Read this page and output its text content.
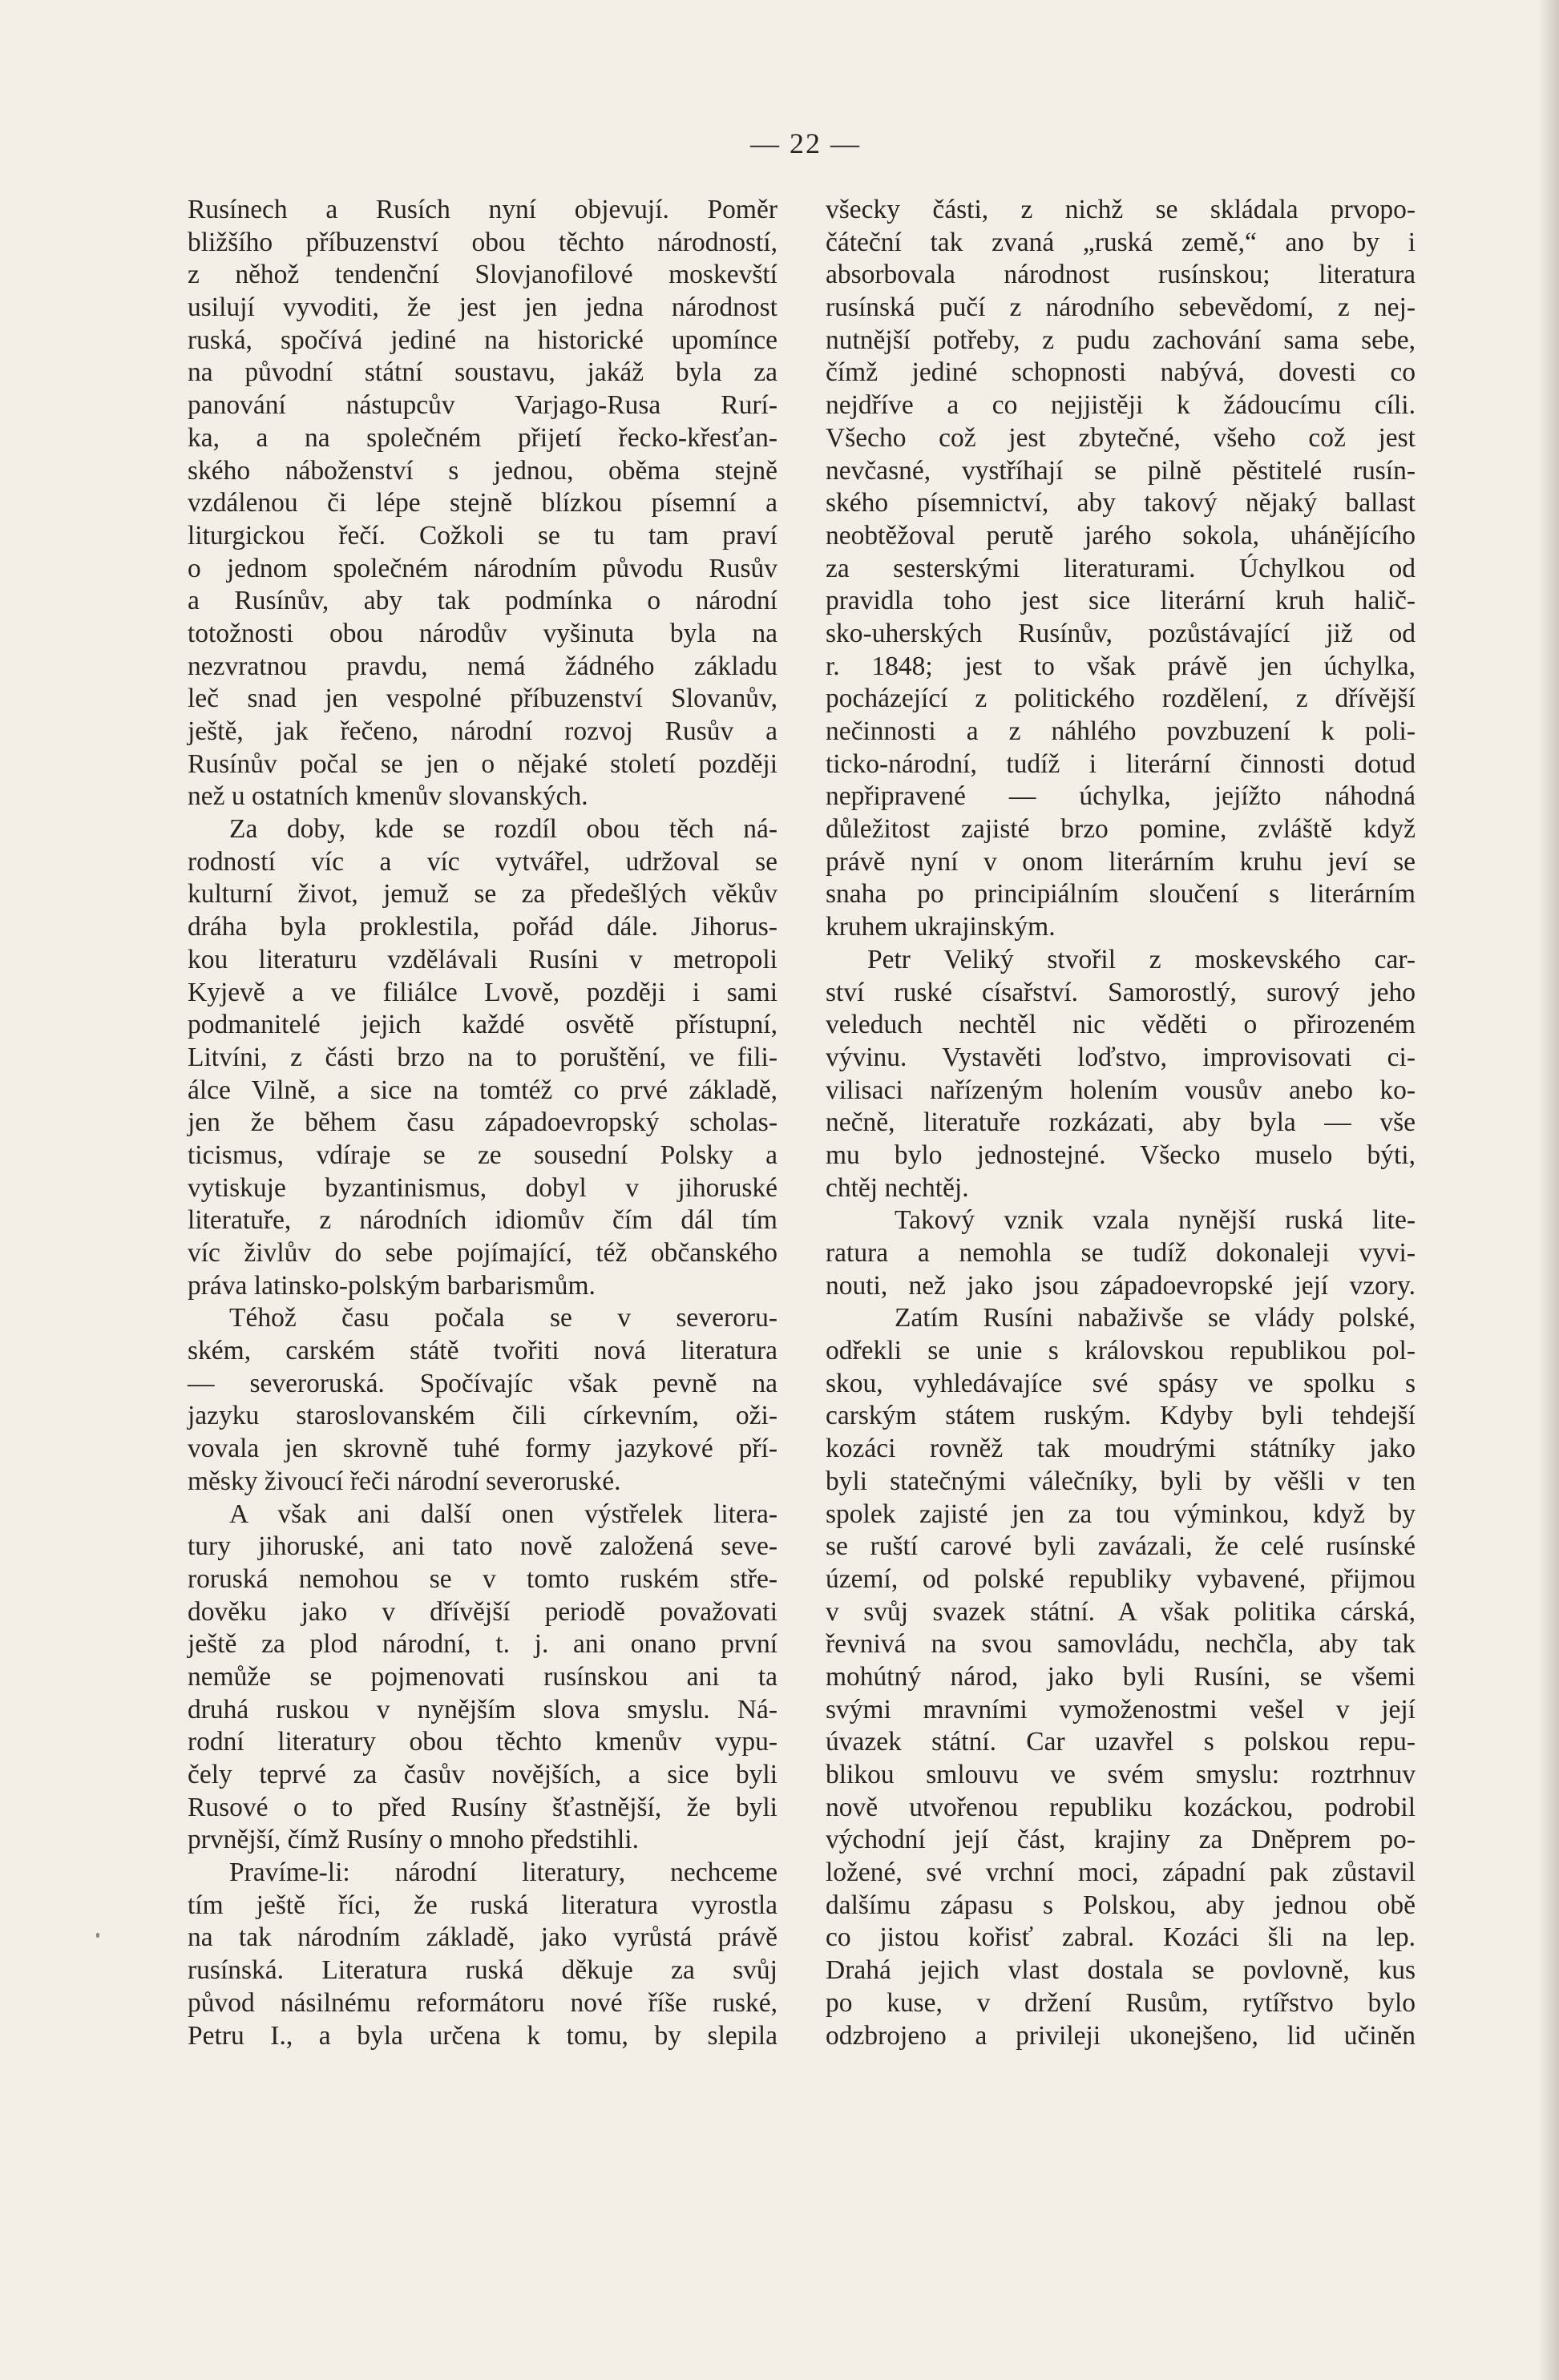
— 22 —
Rusínech a Rusích nyní objevují. Poměr
bližšího příbuzenství obou těchto národností,
z něhož tendenční Slovjanofilové moskevští
usilují vyvoditi, že jest jen jedna národnost
ruská, spočívá jediné na historické upomínce
na původní státní soustavu, jakáž byla za
panování nástupcův Varjago-Rusa Rurí-
ka, a na společném přijetí řecko-křesťan-
ského náboženství s jednou, oběma stejně
vzdálenou či lépe stejně blízkou písemní a
liturgickou řečí. Cožkoli se tu tam praví
o jednom společném národním původu Rusův
a Rusínův, aby tak podmínka o národní
totožnosti obou národův vyšinuta byla na
nezvratnou pravdu, nemá žádného základu
leč snad jen vespolné příbuzenství Slovanův,
ještě, jak řečeno, národní rozvoj Rusův a
Rusínův počal se jen o nějaké století později
než u ostatních kmenův slovanských.
Za doby, kde se rozdíl obou těch ná-
rodností víc a víc vytvářel, udržoval se
kulturní život, jemuž se za předešlých věkův
dráha byla proklestila, pořád dále. Jihorus-
kou literaturu vzdělávali Rusíni v metropoli
Kyjevě a ve filiálce Lvově, později i sami
podmanitelé jejich každé osvětě přístupní,
Litvíni, z části brzo na to poruštění, ve fili-
álce Vilně, a sice na tomtéž co prvé základě,
jen že během času západoevropský scholas-
ticismus, vdíraje se ze sousední Polsky a
vytiskuje byzantinismus, dobyl v jihoruské
literatuře, z národních idiomův čím dál tím
víc živlův do sebe pojímající, též občanského
práva latinsko-polským barbarismům.
Téhož času počala se v severoru-
ském, carském státě tvořiti nová literatura
— severoruská. Spočívajíc však pevně na
jazyku staroslovanském čili církevním, oži-
vovala jen skrovně tuhé formy jazykové pří-
měsky živoucí řeči národní severoruské.
A však ani další onen výstřelek litera-
tury jihoruské, ani tato nově založená seve-
roruská nemohou se v tomto ruském stře-
dověku jako v dřívější periodě považovati
ještě za plod národní, t. j. ani onano první
nemůže se pojmenovati rusínskou ani ta
druhá ruskou v nynějším slova smyslu. Ná-
rodní literatury obou těchto kmenův vypu-
čely teprvé za časův novějších, a sice byli
Rusové o to před Rusíny šťastnější, že byli
prvnější, čímž Rusíny o mnoho předstihli.
Pravíme-li: národní literatury, nechceme
tím ještě říci, že ruská literatura vyrostla
na tak národním základě, jako vyrůstá právě
rusínská. Literatura ruská děkuje za svůj
původ násilnému reformátoru nové říše ruské,
Petru I., a byla určena k tomu, by slepila
všecky části, z nichž se skládala prvopo-
čáteční tak zvaná „ruská země,“ ano by i
absorbovala národnost rusínskou; literatura
rusínská pučí z národního sebevědomí, z nej-
nutnější potřeby, z pudu zachování sama sebe,
čímž jediné schopnosti nabývá, dovesti co
nejdříve a co nejjistěji k žádoucímu cíli.
Všecho což jest zbytečné, všeho což jest
nevčasné, vystříhají se pilně pěstitelé rusín-
ského písemnictví, aby takový nějaký ballast
neobtěžoval perutě jarého sokola, uhánějícího
za sesterskými literaturami. Úchylkou od
pravidla toho jest sice literární kruh halič-
sko-uherských Rusínův, pozůstávající již od
r. 1848; jest to však právě jen úchylka,
pocházející z politického rozdělení, z dřívější
nečinnosti a z náhlého povzbuzení k poli-
ticko-národní, tudíž i literární činnosti dotud
nepřipravené — úchylka, jejížto náhodná
důležitost zajisté brzo pomine, zvláště když
právě nyní v onom literárním kruhu jeví se
snaha po principiálním sloučení s literárním
kruhem ukrajinským.
Petr Veliký stvořil z moskevského car-
ství ruské císařství. Samorostlý, surový jeho
veleduch nechtěl nic věděti o přirozeném
vývinu. Vystavěti loďstvo, improvisovati ci-
vilisaci nařízeným holením vousův anebo ko-
nečně, literatuře rozkázati, aby byla — vše
mu bylo jednostejné. Všecko muselo býti,
chtěj nechtěj.
Takový vznik vzala nynější ruská lite-
ratura a nemohla se tudíž dokonaleji vyvi-
nouti, než jako jsou západoevropské její vzory.
Zatím Rusíni nabaživše se vlády polské,
odřekli se unie s královskou republikou pol-
skou, vyhledávajíce své spásy ve spolku s
carským státem ruským. Kdyby byli tehdejší
kozáci rovněž tak moudrými státníky jako
byli statečnými válečníky, byli by věšli v ten
spolek zajisté jen za tou výminkou, když by
se ruští carové byli zavázali, že celé rusínské
území, od polské republiky vybavené, přijmou
v svůj svazek státní. A však politika cárská,
řevnivá na svou samovládu, nechčla, aby tak
mohútný národ, jako byli Rusíni, se všemi
svými mravními vymoženostmi vešel v její
úvazek státní. Car uzavřel s polskou repu-
blikou smlouvu ve svém smyslu: roztrhnuv
nově utvořenou republiku kozáckou, podrobil
východní její část, krajiny za Dněprem po-
ložené, své vrchní moci, západní pak zůstavil
dalšímu zápasu s Polskou, aby jednou obě
co jistou kořisť zabral. Kozáci šli na lep.
Drahá jejich vlast dostala se povlovně, kus
po kuse, v držení Rusům, rytířstvo bylo
odzbrojeno a privileji ukonejšeno, lid učiněn
